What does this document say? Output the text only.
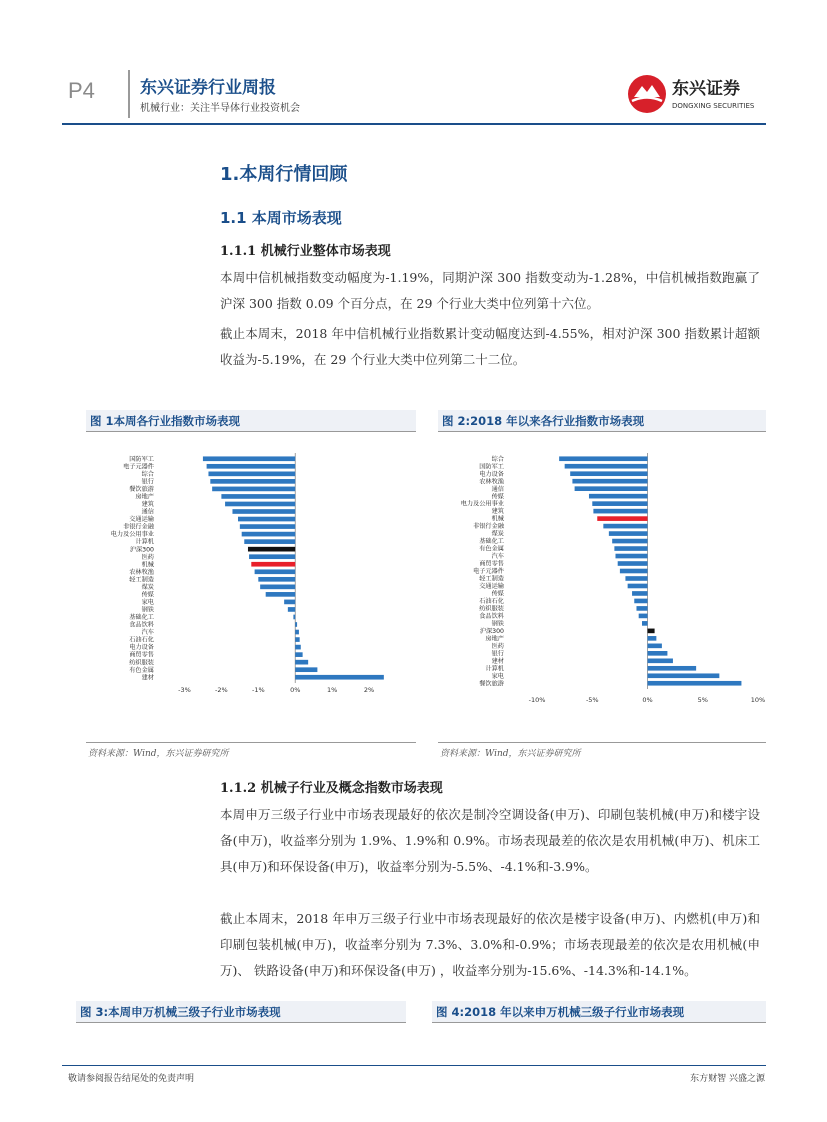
P4	东兴证券行业周报
机械行业：关注半导体行业投资机会
东兴证券
DONGXING SECURITIES
1.本周行情回顾
1.1 本周市场表现
1.1.1 机械行业整体市场表现
本周中信机械指数变动幅度为-1.19%，同期沪深 300 指数变动为-1.28%，中信机械指数跑赢了沪深 300 指数 0.09 个百分点，在 29 个行业大类中位列第十六位。
截止本周末，2018 年中信机械行业指数累计变动幅度达到-4.55%，相对沪深 300 指数累计超额收益为-5.19%，在 29 个行业大类中位列第二十二位。
图 1本周各行业指数市场表现
国防军工
电子元器件
综合
银行
餐饮旅游
房地产
建筑
通信
交通运输
非银行金融
电力及公用事业
计算机
沪深300
医药
机械
农林牧渔
轻工制造
煤炭
传媒
家电
钢铁
基础化工
食品饮料
汽车
石油石化
电力设备
商贸零售
纺织服装
有色金属
建材
-3%	-2%	-1%	0%	1%	2%
资料来源：Wind，东兴证券研究所
图 2:2018 年以来各行业指数市场表现
综合
国防军工
电力设备
农林牧渔
通信
传媒
电力及公用事业
建筑
机械
非银行金融
煤炭
基础化工
有色金属
汽车
商贸零售
电子元器件
轻工制造
交通运输
传媒
石油石化
纺织服装
食品饮料
钢铁
沪深300
房地产
医药
银行
建材
计算机
家电
餐饮旅游
-10%	-5%	0%	5%	10%
资料来源：Wind，东兴证券研究所
1.1.2 机械子行业及概念指数市场表现
本周申万三级子行业中市场表现最好的依次是制冷空调设备(申万)、印刷包装机械(申万)和楼宇设备(申万)，收益率分别为 1.9%、1.9%和 0.9%。市场表现最差的依次是农用机械(申万)、机床工具(申万)和环保设备(申万)，收益率分别为-5.5%、-4.1%和-3.9%。
截止本周末，2018 年申万三级子行业中市场表现最好的依次是楼宇设备(申万)、内燃机(申万)和印刷包装机械(申万)，收益率分别为 7.3%、3.0%和-0.9%；市场表现最差的依次是农用机械(申万)、 铁路设备(申万)和环保设备(申万) ，收益率分别为-15.6%、-14.3%和-14.1%。
图 3:本周申万机械三级子行业市场表现	图 4:2018 年以来申万机械三级子行业市场表现
敬请参阅报告结尾处的免责声明	东方财智 兴盛之源
